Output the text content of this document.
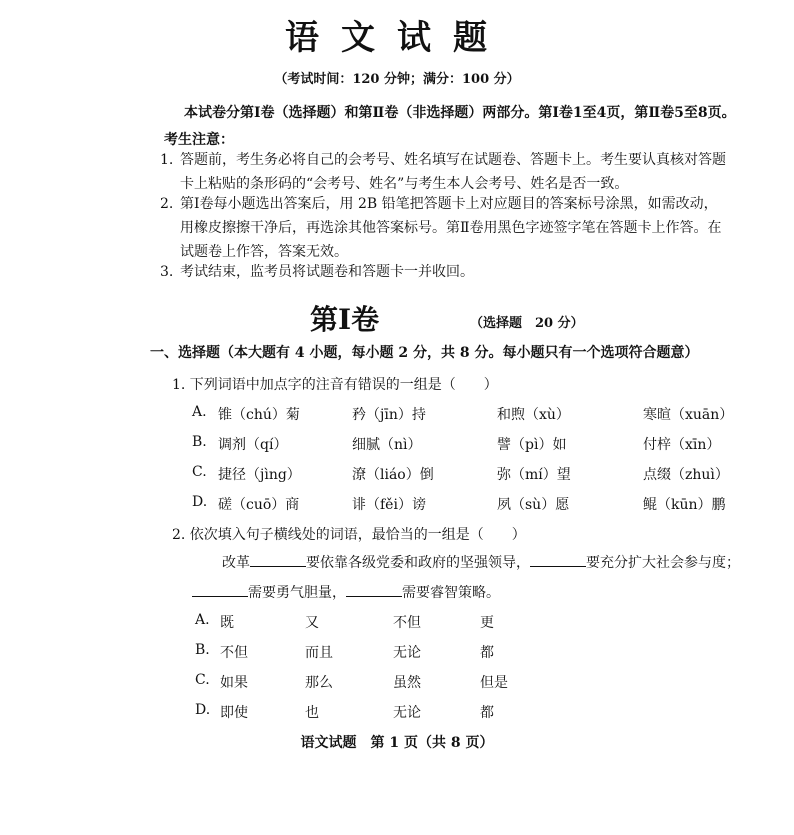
语文试题
（考试时间：120 分钟；满分：100 分）
本试卷分第Ⅰ卷（选择题）和第Ⅱ卷（非选择题）两部分。第Ⅰ卷1至4页，第Ⅱ卷5至8页。
考生注意：
1. 答题前，考生务必将自己的会考号、姓名填写在试题卷、答题卡上。考生要认真核对答题
卡上粘贴的条形码的“会考号、姓名”与考生本人会考号、姓名是否一致。
2. 第Ⅰ卷每小题选出答案后，用 2B 铅笔把答题卡上对应题目的答案标号涂黑，如需改动，
用橡皮擦擦干净后，再选涂其他答案标号。第Ⅱ卷用黑色字迹签字笔在答题卡上作答。在
试题卷上作答，答案无效。
3. 考试结束，监考员将试题卷和答题卡一并收回。
第Ⅰ卷	（选择题　20 分）
一、选择题（本大题有 4 小题，每小题 2 分，共 8 分。每小题只有一个选项符合题意）
1. 下列词语中加点字的注音有错误的一组是（　　）
A. 锥（chú）菊	矜（jīn）持	和煦（xù）	寒暄（xuān）
B. 调剂（qí）	细腻（nì）	譬（pì）如	付梓（xīn）
C. 捷径（jìng）	潦（liáo）倒	弥（mí）望	点缀（zhuì）
D. 磋（cuō）商	诽（fěi）谤	夙（sù）愿	鲲（kūn）鹏
2. 依次填入句子横线处的词语，最恰当的一组是（　　）
改革	要依靠各级党委和政府的坚强领导，	要充分扩大社会参与度；
需要勇气胆量，	需要睿智策略。
A. 既	又	不但	更
B. 不但	而且	无论	都
C. 如果	那么	虽然	但是
D. 即使	也	无论	都
语文试题　第 1 页（共 8 页）
